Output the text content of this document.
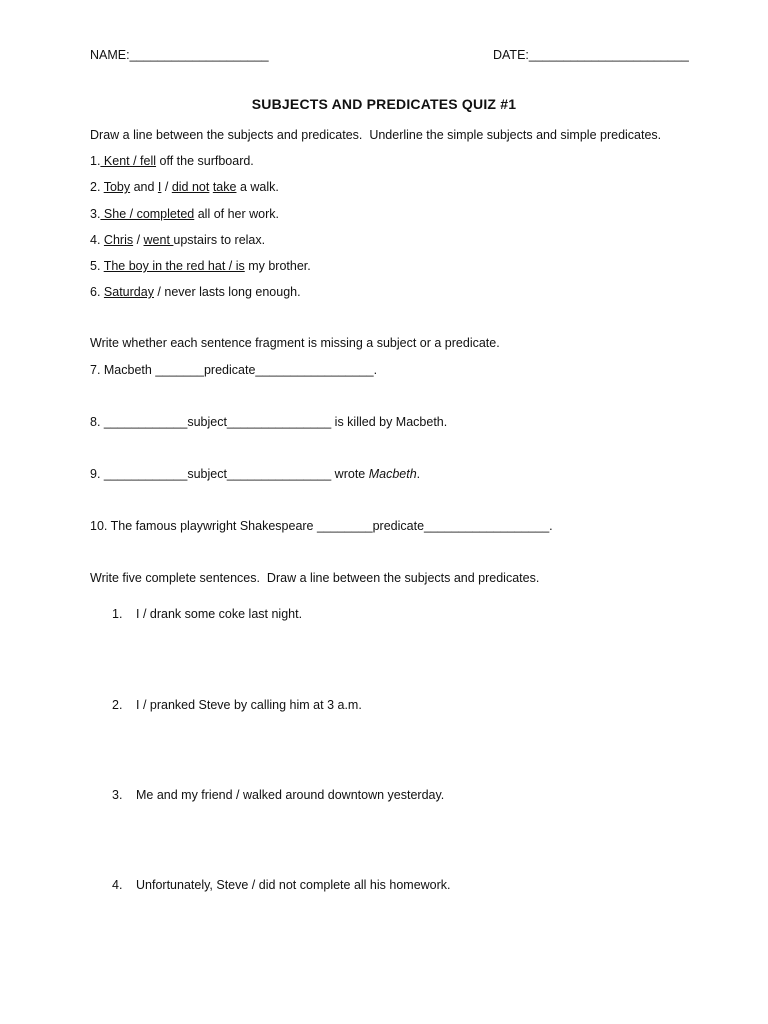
NAME:____________________	DATE:_______________________
SUBJECTS AND PREDICATES QUIZ #1
Draw a line between the subjects and predicates.  Underline the simple subjects and simple predicates.
1. Kent / fell off the surfboard.
2. Toby and I / did not take a walk.
3. She / completed all of her work.
4. Chris / went upstairs to relax.
5. The boy in the red hat / is my brother.
6. Saturday / never lasts long enough.
Write whether each sentence fragment is missing a subject or a predicate.
7. Macbeth _______predicate_________________.
8. ____________subject_______________ is killed by Macbeth.
9. ____________subject_______________ wrote Macbeth.
10. The famous playwright Shakespeare ________predicate__________________.
Write five complete sentences.  Draw a line between the subjects and predicates.
1. I / drank some coke last night.
2. I / pranked Steve by calling him at 3 a.m.
3. Me and my friend / walked around downtown yesterday.
4. Unfortunately, Steve / did not complete all his homework.
